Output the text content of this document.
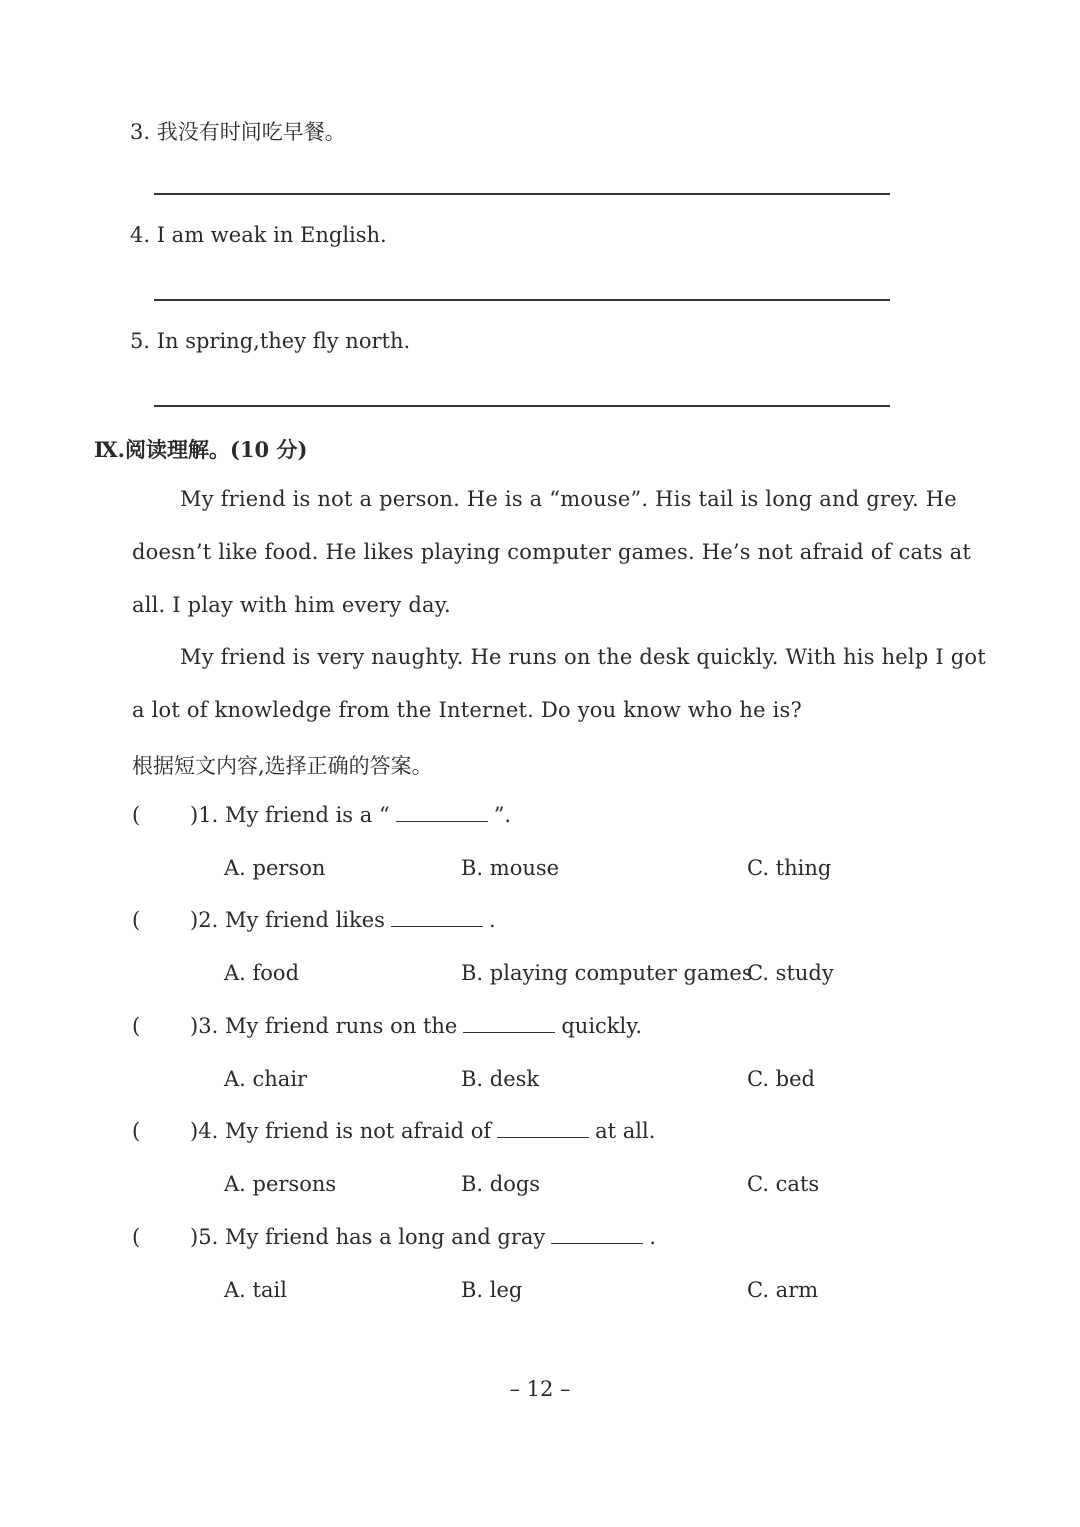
3. 我没有时间吃早餐。
4. I am weak in English.
5. In spring,they fly north.
Ⅸ.阅读理解。(10 分)
My friend is not a person. He is a “mouse”. His tail is long and grey. He
doesn’t like food. He likes playing computer games. He’s not afraid of cats at
all. I play with him every day.
My friend is very naughty. He runs on the desk quickly. With his help I got
a lot of knowledge from the Internet. Do you know who he is?
根据短文内容,选择正确的答案。
( )1. My friend is a “	”.
A. person	B. mouse	C. thing
( )2. My friend likes	.
A. food	B. playing computer games
C. study
( )3. My friend runs on the	quickly.
A. chair	B. desk	C. bed
( )4. My friend is not afraid of	at all.
A. persons	B. dogs	C. cats
( )5. My friend has a long and gray	.
A. tail	B. leg	C. arm
– 12 –
